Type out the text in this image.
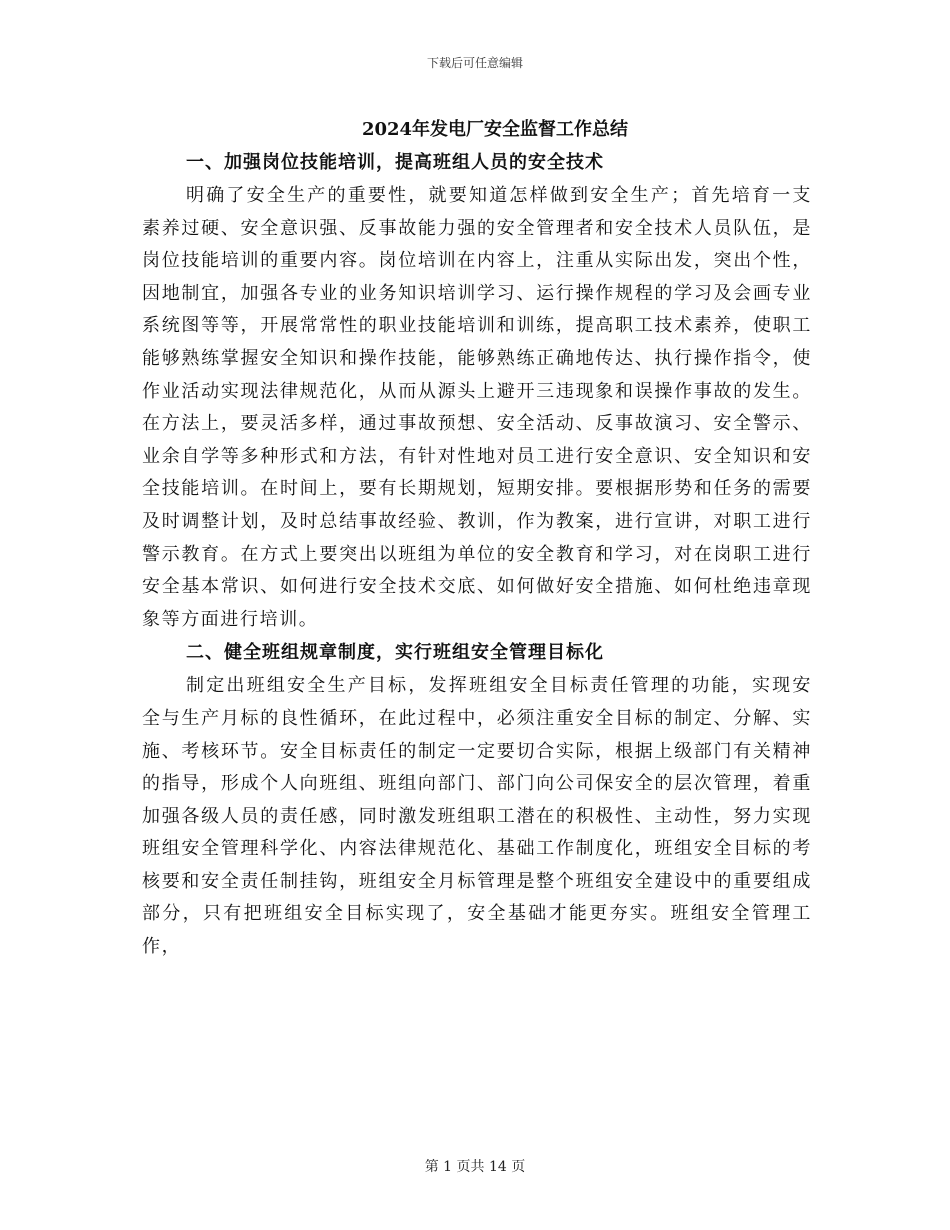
下载后可任意编辑
2024年发电厂安全监督工作总结
一、加强岗位技能培训，提高班组人员的安全技术

明确了安全生产的重要性，就要知道怎样做到安全生产；首先培育一支素养过硬、安全意识强、反事故能力强的安全管理者和安全技术人员队伍，是岗位技能培训的重要内容。岗位培训在内容上，注重从实际出发，突出个性，因地制宜，加强各专业的业务知识培训学习、运行操作规程的学习及会画专业系统图等等，开展常常性的职业技能培训和训练，提高职工技术素养，使职工能够熟练掌握安全知识和操作技能，能够熟练正确地传达、执行操作指令，使作业活动实现法律规范化，从而从源头上避开三违现象和误操作事故的发生。在方法上，要灵活多样，通过事故预想、安全活动、反事故演习、安全警示、业余自学等多种形式和方法，有针对性地对员工进行安全意识、安全知识和安全技能培训。在时间上，要有长期规划，短期安排。要根据形势和任务的需要及时调整计划，及时总结事故经验、教训，作为教案，进行宣讲，对职工进行警示教育。在方式上要突出以班组为单位的安全教育和学习，对在岗职工进行安全基本常识、如何进行安全技术交底、如何做好安全措施、如何杜绝违章现象等方面进行培训。

二、健全班组规章制度，实行班组安全管理目标化

制定出班组安全生产目标，发挥班组安全目标责任管理的功能，实现安全与生产月标的良性循环，在此过程中，必须注重安全目标的制定、分解、实施、考核环节。安全目标责任的制定一定要切合实际，根据上级部门有关精神的指导，形成个人向班组、班组向部门、部门向公司保安全的层次管理，着重加强各级人员的责任感，同时激发班组职工潜在的积极性、主动性，努力实现班组安全管理科学化、内容法律规范化、基础工作制度化，班组安全目标的考核要和安全责任制挂钩，班组安全月标管理是整个班组安全建设中的重要组成部分，只有把班组安全目标实现了，安全基础才能更夯实。班组安全管理工作，

第 1 页共 14 页
